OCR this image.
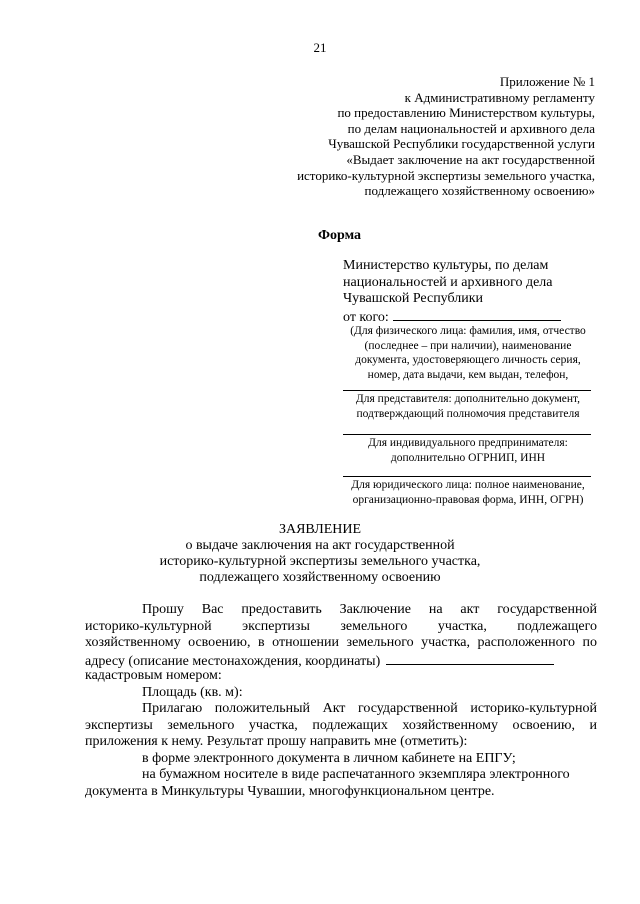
21
Приложение № 1
к Административному регламенту
по предоставлению Министерством культуры,
по делам национальностей и архивного дела
Чувашской Республики государственной услуги
«Выдает заключение на акт государственной
историко-культурной экспертизы земельного участка,
подлежащего хозяйственному освоению»
Форма
Министерство культуры, по делам
национальностей и архивного дела
Чувашской Республики
от кого:
(Для физического лица: фамилия, имя, отчество
(последнее – при наличии), наименование
документа, удостоверяющего личность серия,
номер, дата выдачи, кем выдан, телефон,
Для представителя: дополнительно документ,
подтверждающий полномочия представителя
Для индивидуального предпринимателя:
дополнительно ОГРНИП, ИНН
Для юридического лица: полное наименование,
организационно-правовая форма, ИНН, ОГРН)
ЗАЯВЛЕНИЕ
о выдаче заключения на акт государственной
историко-культурной экспертизы земельного участка,
подлежащего хозяйственному освоению
Прошу Вас предоставить Заключение на акт государственной
историко-культурной экспертизы земельного участка, подлежащего
хозяйственному освоению, в отношении земельного участка, расположенного по
адресу (описание местонахождения, координаты)
кадастровым номером:
Площадь (кв. м):
Прилагаю положительный Акт государственной историко-культурной
экспертизы земельного участка, подлежащих хозяйственному освоению, и
приложения к нему. Результат прошу направить мне (отметить):
в форме электронного документа в личном кабинете на ЕПГУ;
на бумажном носителе в виде распечатанного экземпляра электронного
документа в Минкультуры Чувашии, многофункциональном центре.
